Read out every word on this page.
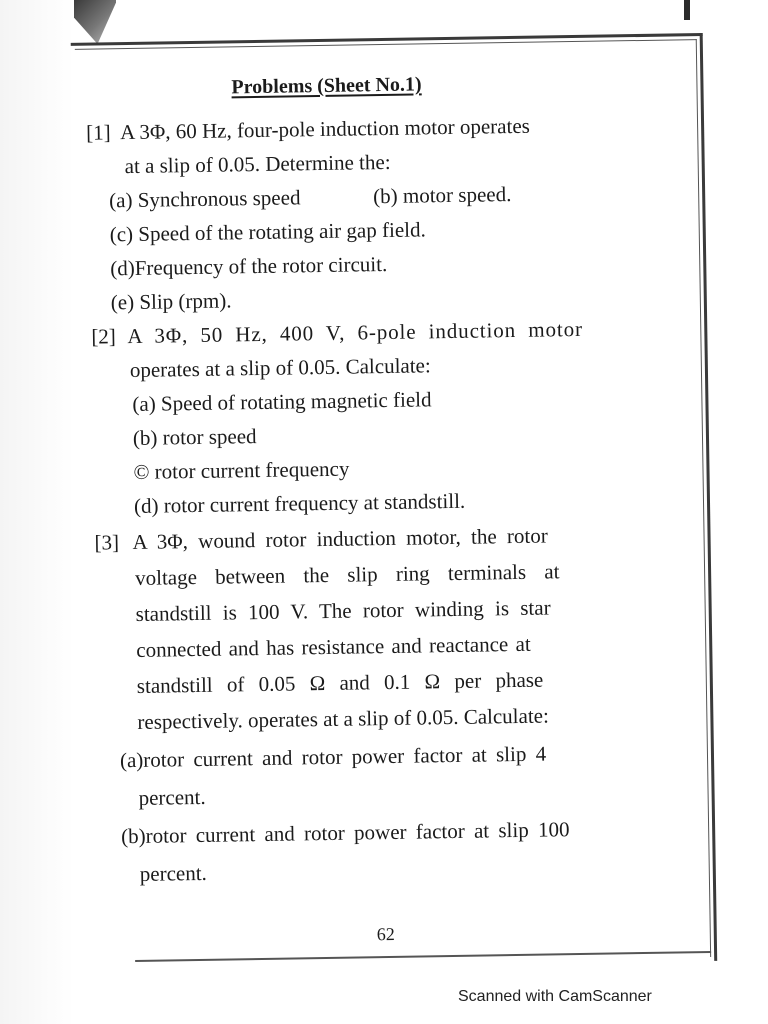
Problems (Sheet No.1)
[1] A 3Φ, 60 Hz, four-pole induction motor operates
at a slip of 0.05. Determine the:
(a) Synchronous speed	(b) motor speed.
(c) Speed of the rotating air gap field.
(d)Frequency of the rotor circuit.
(e) Slip (rpm).
[2] A 3Φ, 50 Hz, 400 V, 6-pole induction motor
operates at a slip of 0.05. Calculate:
(a) Speed of rotating magnetic field
(b) rotor speed
© rotor current frequency
(d) rotor current frequency at standstill.
[3] A 3Φ, wound rotor induction motor, the rotor
voltage between the slip ring terminals at
standstill is 100 V. The rotor winding is star
connected and has resistance and reactance at
standstill of 0.05 Ω and 0.1 Ω per phase
respectively. operates at a slip of 0.05. Calculate:
(a)rotor current and rotor power factor at slip 4
percent.
(b)rotor current and rotor power factor at slip 100
percent.
62
Scanned with CamScanner
